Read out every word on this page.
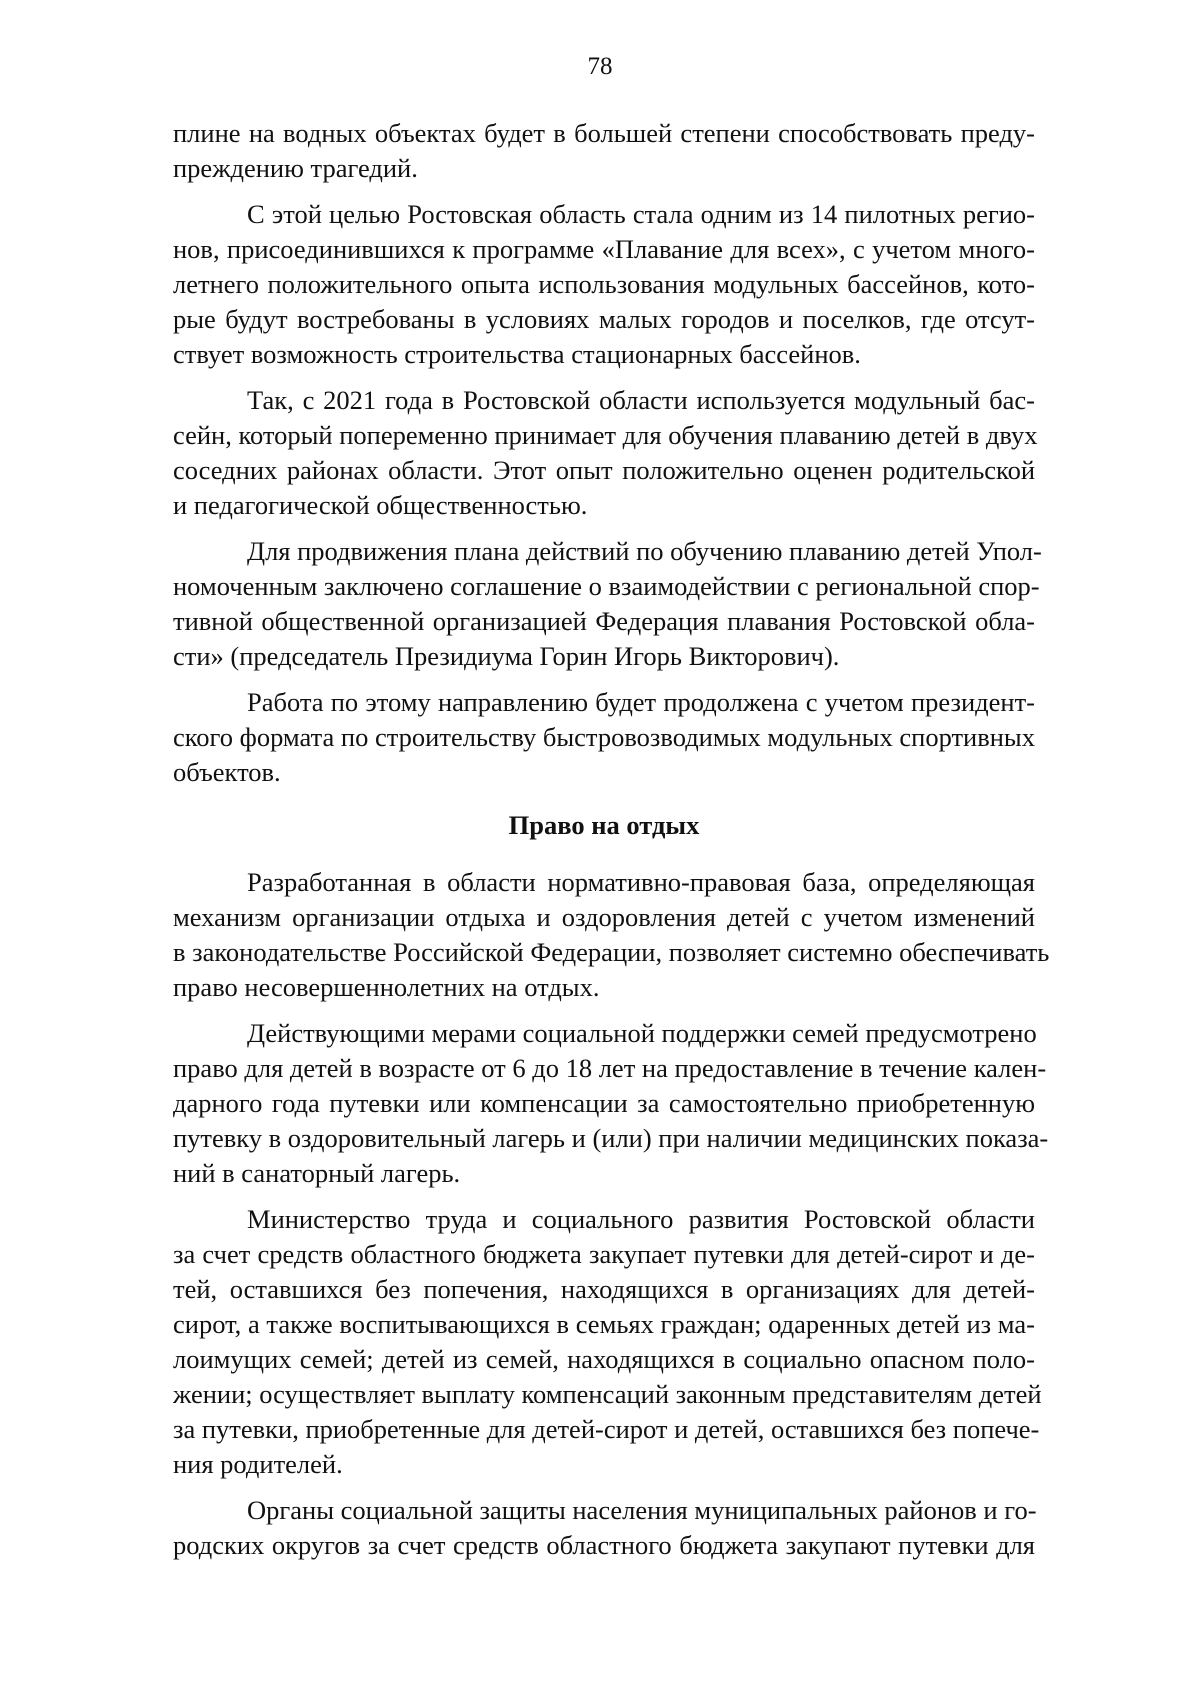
78
плине на водных объектах будет в большей степени способствовать преду-
преждению трагедий.
С этой целью Ростовская область стала одним из 14 пилотных регио-
нов, присоединившихся к программе «Плавание для всех», с учетом много-
летнего положительного опыта использования модульных бассейнов, кото-
рые будут востребованы в условиях малых городов и поселков, где отсут-
ствует возможность строительства стационарных бассейнов.
Так, с 2021 года в Ростовской области используется модульный бас-
сейн, который попеременно принимает для обучения плаванию детей в двух
соседних районах области. Этот опыт положительно оценен родительской
и педагогической общественностью.
Для продвижения плана действий по обучению плаванию детей Упол-
номоченным заключено соглашение о взаимодействии с региональной спор-
тивной общественной организацией Федерация плавания Ростовской обла-
сти» (председатель Президиума Горин Игорь Викторович).
Работа по этому направлению будет продолжена с учетом президент-
ского формата по строительству быстровозводимых модульных спортивных
объектов.
Право на отдых
Разработанная в области нормативно-правовая база, определяющая
механизм организации отдыха и оздоровления детей с учетом изменений
в законодательстве Российской Федерации, позволяет системно обеспечивать
право несовершеннолетних на отдых.
Действующими мерами социальной поддержки семей предусмотрено
право для детей в возрасте от 6 до 18 лет на предоставление в течение кален-
дарного года путевки или компенсации за самостоятельно приобретенную
путевку в оздоровительный лагерь и (или) при наличии медицинских показа-
ний в санаторный лагерь.
Министерство труда и социального развития Ростовской области
за счет средств областного бюджета закупает путевки для детей-сирот и де-
тей, оставшихся без попечения, находящихся в организациях для детей-
сирот, а также воспитывающихся в семьях граждан; одаренных детей из ма-
лоимущих семей; детей из семей, находящихся в социально опасном поло-
жении; осуществляет выплату компенсаций законным представителям детей
за путевки, приобретенные для детей-сирот и детей, оставшихся без попече-
ния родителей.
Органы социальной защиты населения муниципальных районов и го-
родских округов за счет средств областного бюджета закупают путевки для
